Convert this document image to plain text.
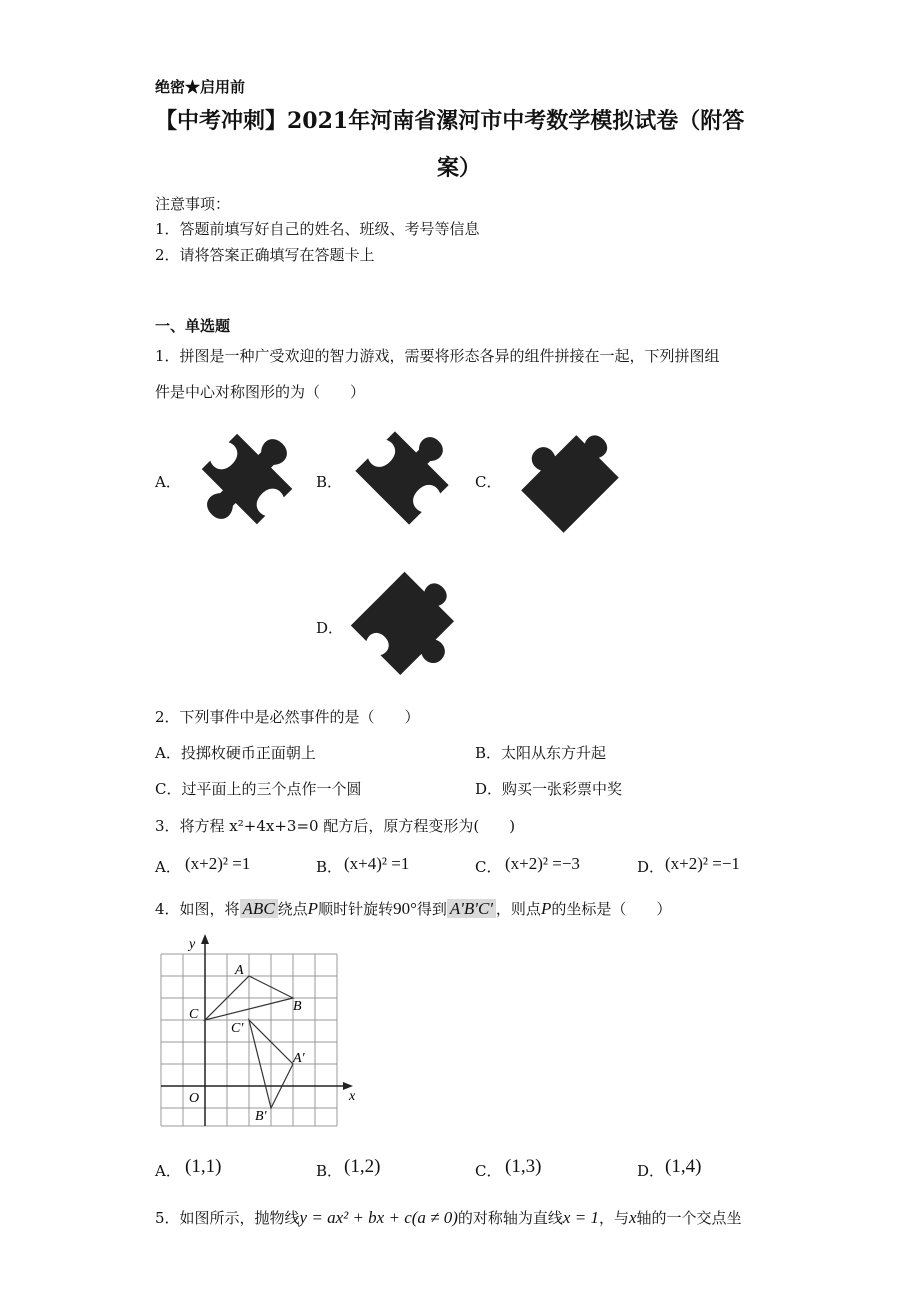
绝密★启用前
【中考冲刺】2021年河南省漯河市中考数学模拟试卷（附答
案）
注意事项：
1．答题前填写好自己的姓名、班级、考号等信息
2．请将答案正确填写在答题卡上
一、单选题
1．拼图是一种广受欢迎的智力游戏，需要将形态各异的组件拼接在一起，下列拼图组
件是中心对称图形的为（　　）
A．	B．	C．
D．
2．下列事件中是必然事件的是（　　）
A．投掷枚硬币正面朝上	B．太阳从东方升起
C．过平面上的三个点作一个圆	D．购买一张彩票中奖
3．将方程 x²+4x+3=0 配方后，原方程变形为(　　)
A． (x+2)² =1	B． (x+4)² =1	C． (x+2)² =−3	D． (x+2)² =−1
4．如图，将 ABC 绕点P顺时针旋转90°得到 A'B'C' ，则点P的坐标是（　　）
y
x
O
A
B
C
A'
B'
C'
A． (1,1)	B． (1,2)	C． (1,3)	D． (1,4)
5．如图所示，抛物线y = ax² + bx + c(a ≠ 0)的对称轴为直线x = 1，与x轴的一个交点坐
